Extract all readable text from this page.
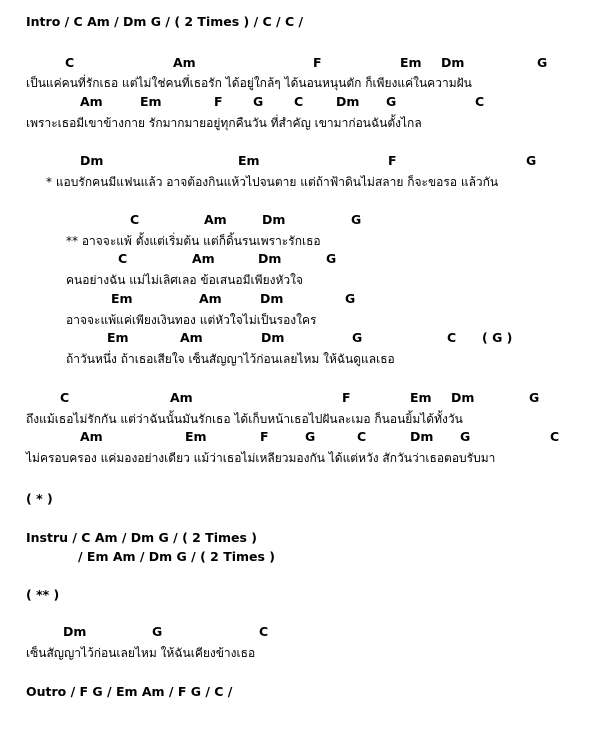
Intro / C Am / Dm G / ( 2 Times ) / C / C /
C	Am	F	Em Dm	G
เป็นแค่คนที่รักเธอ แต่ไม่ใช่คนที่เธอรัก ได้อยู่ใกล้ๆ ได้นอนหนุนตัก ก็เพียงแค่ในความฝัน
Am	Em	F G C	Dm G	C
เพราะเธอมีเขาข้างกาย รักมากมายอยู่ทุกคืนวัน ที่สำคัญ เขามาก่อนฉันตั้งไกล
Dm	Em	F	G
* แอบรักคนมีแฟนแล้ว อาจต้องกินแห้วไปจนตาย แต่ถ้าฟ้าดินไม่สลาย ก็จะขอรอ แล้วกัน
C	Am	Dm	G
** อาจจะแพ้ ตั้งแต่เริ่มต้น แต่ก็ดิ้นรนเพราะรักเธอ
C	Am	Dm	G
คนอย่างฉัน แม่ไม่เลิศเลอ ข้อเสนอมีเพียงหัวใจ
Em	Am	Dm	G
อาจจะแพ้แค่เพียงเงินทอง แต่หัวใจไม่เป็นรองใคร
Em	Am	Dm	G	C ( G )
ถ้าวันหนึ่ง ถ้าเธอเสียใจ เซ็นสัญญาไว้ก่อนเลยไหม ให้ฉันดูแลเธอ
C	Am	F	Em Dm	G
ถึงแม้เธอไม่รักกัน แต่ว่าฉันนั้นมันรักเธอ ได้เก็บหน้าเธอไปฝันละเมอ ก็นอนยิ้มได้ทั้งวัน
Am	Em	F	G	C	Dm G	C
ไม่ครอบครอง แค่มองอย่างเดียว แม้ว่าเธอไม่เหลียวมองกัน ได้แต่หวัง สักวันว่าเธอตอบรับมา
( * )
Instru / C Am / Dm G / ( 2 Times )
/ Em Am / Dm G / ( 2 Times )
( ** )
Dm	G	C
เซ็นสัญญาไว้ก่อนเลยไหม ให้ฉันเคียงข้างเธอ
Outro / F G / Em Am / F G / C /
